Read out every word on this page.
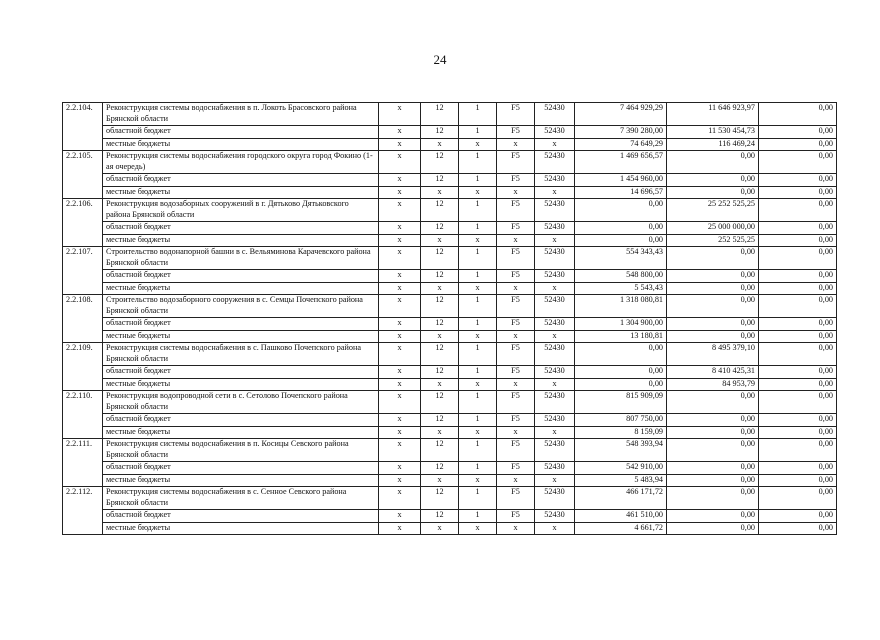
24
2.2.104.	Реконструкция системы водоснабжения в п. Локоть Брасовского района Брянской области	х	12	1	F5	52430	7 464 929,29	11 646 923,97	0,00
	областной бюджет	х	12	1	F5	52430	7 390 280,00	11 530 454,73	0,00
	местные бюджеты	х	х	х	х	х	74 649,29	116 469,24	0,00
2.2.105.	Реконструкция системы водоснабжения городского округа город Фокино (1-ая очередь)	х	12	1	F5	52430	1 469 656,57	0,00	0,00
	областной бюджет	х	12	1	F5	52430	1 454 960,00	0,00	0,00
	местные бюджеты	х	х	х	х	х	14 696,57	0,00	0,00
2.2.106.	Реконструкция водозаборных сооружений в г. Дятьково Дятьковского района Брянской области	х	12	1	F5	52430	0,00	25 252 525,25	0,00
	областной бюджет	х	12	1	F5	52430	0,00	25 000 000,00	0,00
	местные бюджеты	х	х	х	х	х	0,00	252 525,25	0,00
2.2.107.	Строительство водонапорной башни в с. Вельяминова Карачевского района Брянской области	х	12	1	F5	52430	554 343,43	0,00	0,00
	областной бюджет	х	12	1	F5	52430	548 800,00	0,00	0,00
	местные бюджеты	х	х	х	х	х	5 543,43	0,00	0,00
2.2.108.	Строительство водозаборного сооружения в с. Семцы Почепского района Брянской области	х	12	1	F5	52430	1 318 080,81	0,00	0,00
	областной бюджет	х	12	1	F5	52430	1 304 900,00	0,00	0,00
	местные бюджеты	х	х	х	х	х	13 180,81	0,00	0,00
2.2.109.	Реконструкция системы водоснабжения в с. Пашково Почепского района Брянской области	х	12	1	F5	52430	0,00	8 495 379,10	0,00
	областной бюджет	х	12	1	F5	52430	0,00	8 410 425,31	0,00
	местные бюджеты	х	х	х	х	х	0,00	84 953,79	0,00
2.2.110.	Реконструкция водопроводной сети в с. Сетолово Почепского района Брянской области	х	12	1	F5	52430	815 909,09	0,00	0,00
	областной бюджет	х	12	1	F5	52430	807 750,00	0,00	0,00
	местные бюджеты	х	х	х	х	х	8 159,09	0,00	0,00
2.2.111.	Реконструкция системы водоснабжения в п. Косицы Севского района Брянской области	х	12	1	F5	52430	548 393,94	0,00	0,00
	областной бюджет	х	12	1	F5	52430	542 910,00	0,00	0,00
	местные бюджеты	х	х	х	х	х	5 483,94	0,00	0,00
2.2.112.	Реконструкция системы водоснабжения в с. Сенное Севского района Брянской области	х	12	1	F5	52430	466 171,72	0,00	0,00
	областной бюджет	х	12	1	F5	52430	461 510,00	0,00	0,00
	местные бюджеты	х	х	х	х	х	4 661,72	0,00	0,00
